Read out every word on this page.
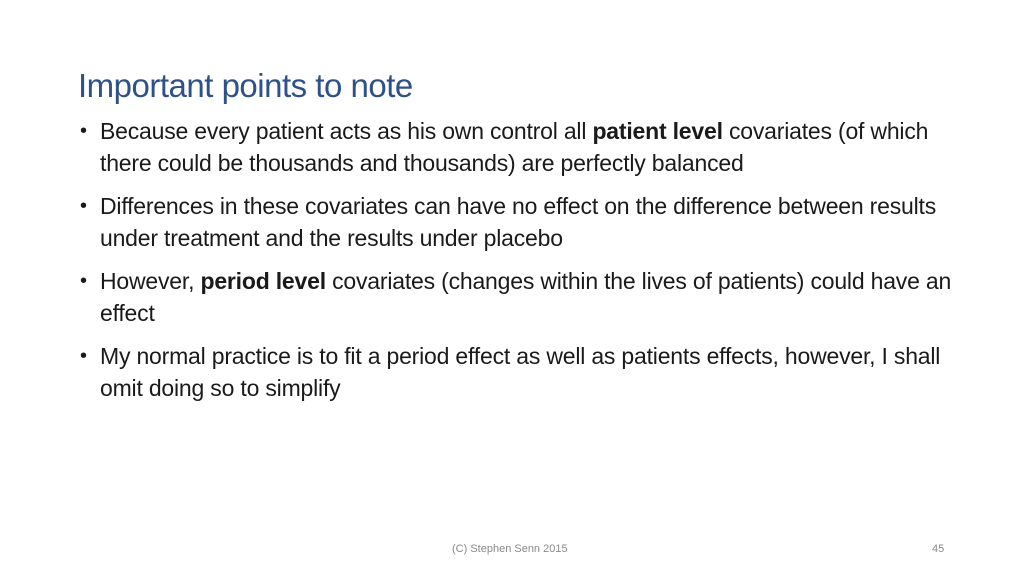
Important points to note
• Because every patient acts as his own control all patient level covariates (of which there could be thousands and thousands) are perfectly balanced
• Differences in these covariates can have no effect on the difference between results under treatment and the results under placebo
• However, period level covariates (changes within the lives of patients) could have an effect
• My normal practice is to fit a period effect as well as patients effects, however, I shall omit doing so to simplify
(C) Stephen Senn 2015	45
